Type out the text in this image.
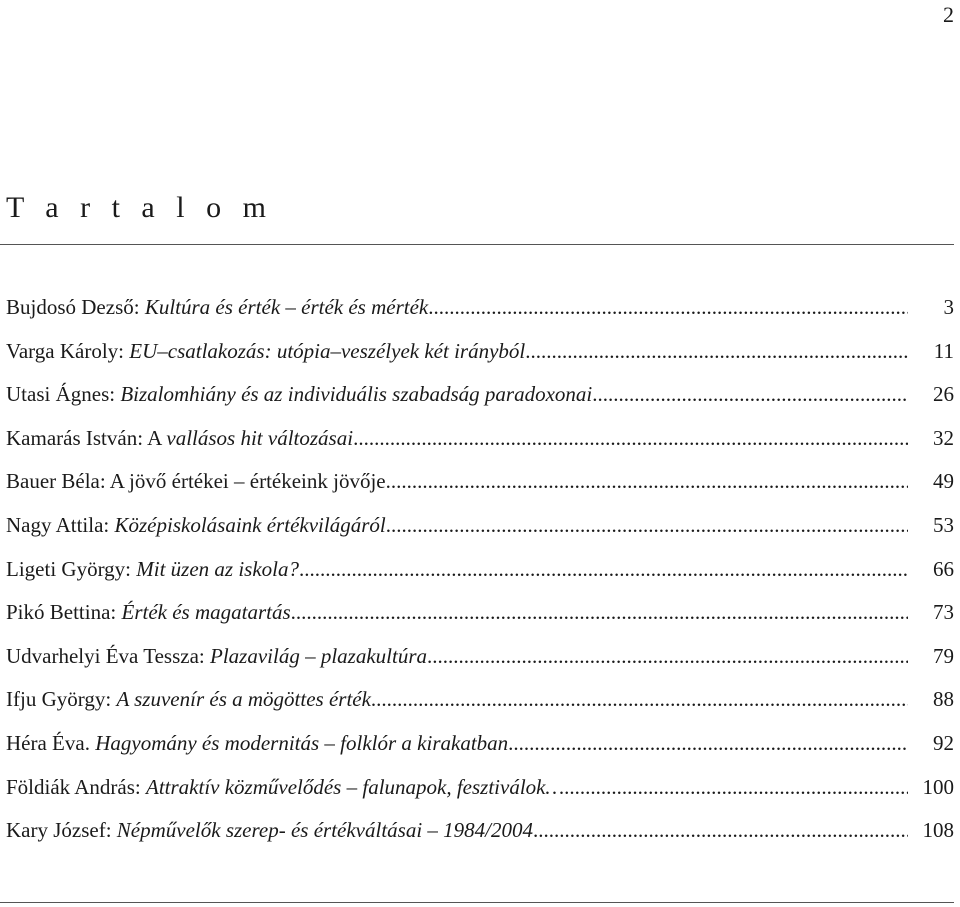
2
T a r t a l o m
Bujdosó Dezső: Kultúra és érték – érték és mérték .....	3
Varga Károly: EU–csatlakozás: utópia–veszélyek két irányból .....	11
Utasi Ágnes: Bizalomhiány és az individuális szabadság paradoxonai .....	26
Kamarás István: A vallásos hit változásai .....	32
Bauer Béla: A jövő értékei – értékeink jövője .....	49
Nagy Attila: Középiskolásaink értékvilágáról .....	53
Ligeti György: Mit üzen az iskola? .....	66
Pikó Bettina: Érték és magatartás .....	73
Udvarhelyi Éva Tessza: Plazavilág – plazakultúra .....	79
Ifju György: A szuvenír és a mögöttes érték .....	88
Héra Éva. Hagyomány és modernitás – folklór a kirakatban .....	92
Földiák András: Attraktív közművelődés – falunapok, fesztiválok… .....	100
Kary József: Népművelők szerep- és értékváltásai – 1984/2004 .....	108
